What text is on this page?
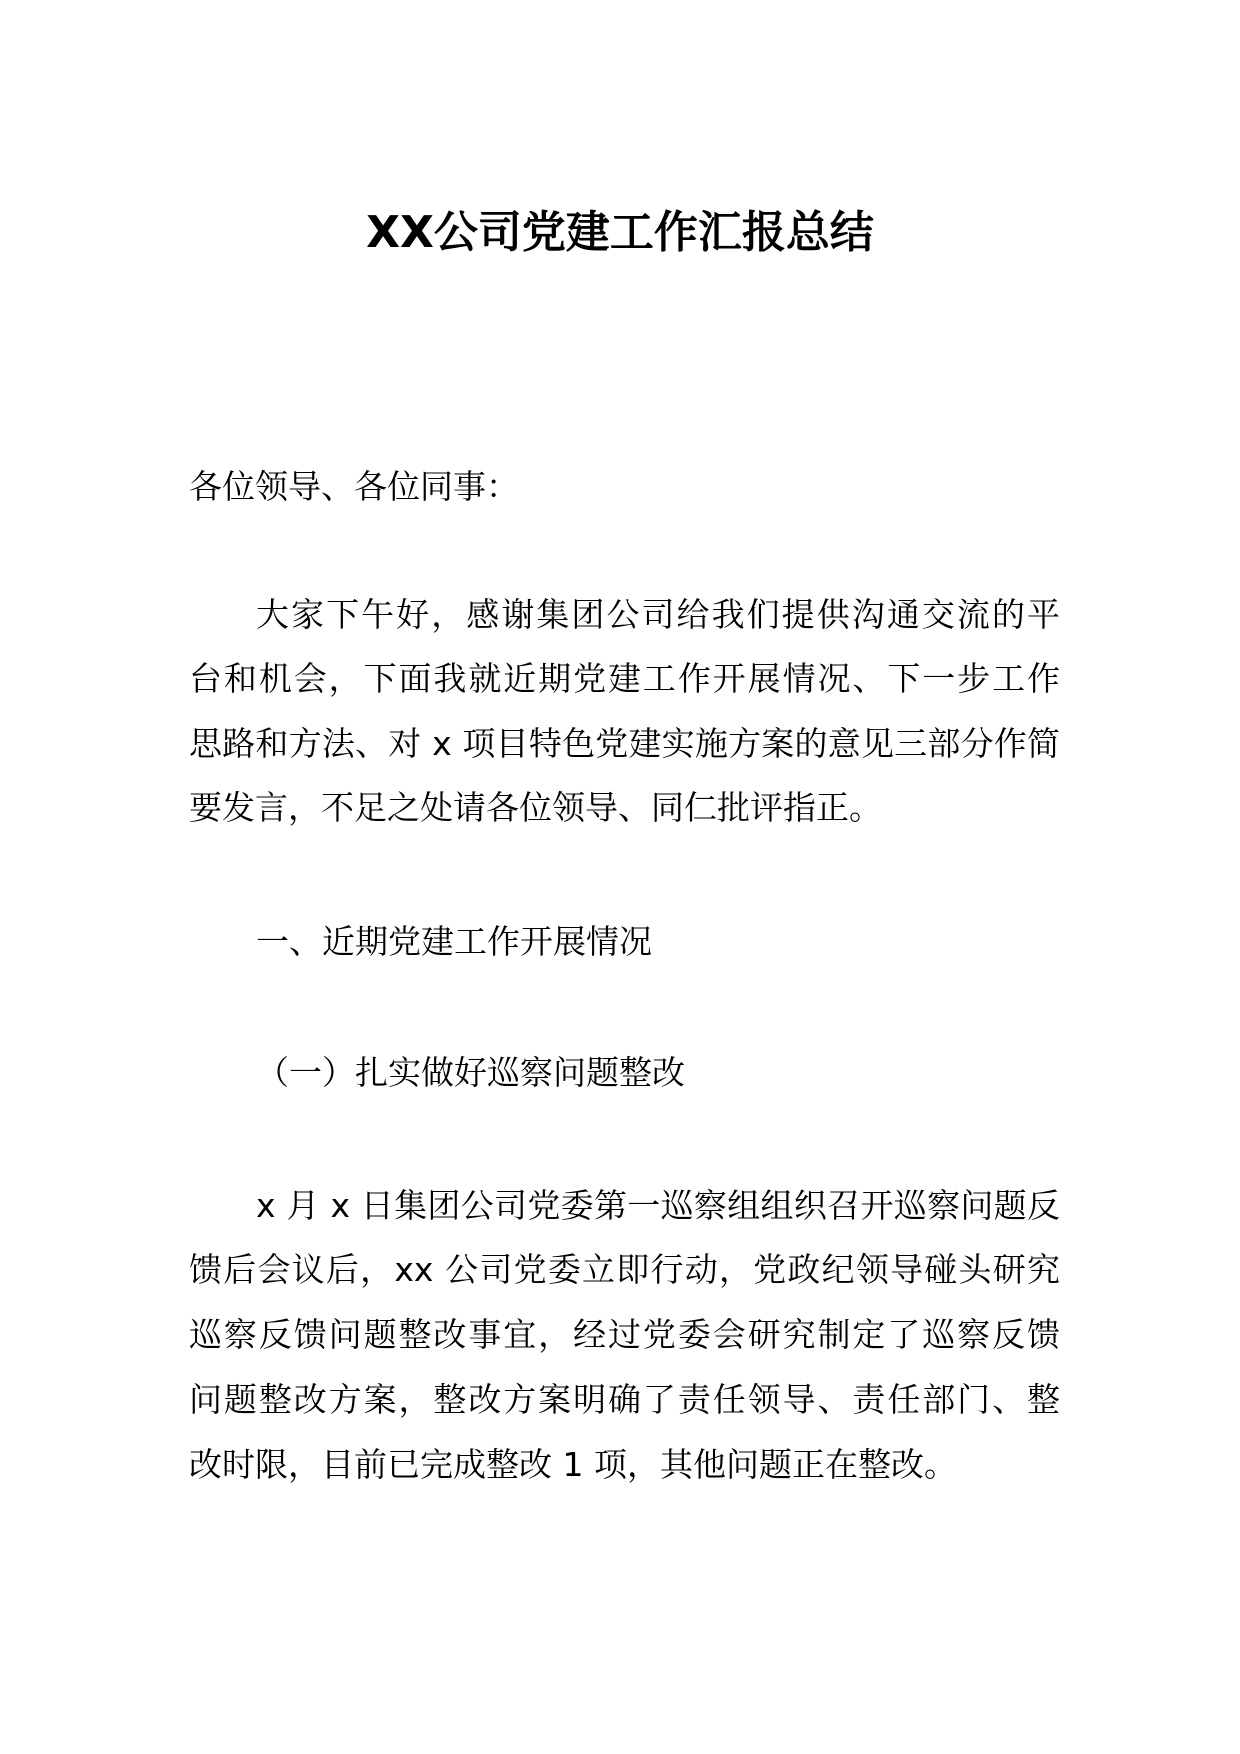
XX公司党建工作汇报总结
各位领导、各位同事：
大家下午好，感谢集团公司给我们提供沟通交流的平
台和机会，下面我就近期党建工作开展情况、下一步工作
思路和方法、对 x 项目特色党建实施方案的意见三部分作简
要发言，不足之处请各位领导、同仁批评指正。
一、近期党建工作开展情况
（一）扎实做好巡察问题整改
x 月 x 日集团公司党委第一巡察组组织召开巡察问题反
馈后会议后，xx 公司党委立即行动，党政纪领导碰头研究
巡察反馈问题整改事宜，经过党委会研究制定了巡察反馈
问题整改方案，整改方案明确了责任领导、责任部门、整
改时限，目前已完成整改 1 项，其他问题正在整改。
